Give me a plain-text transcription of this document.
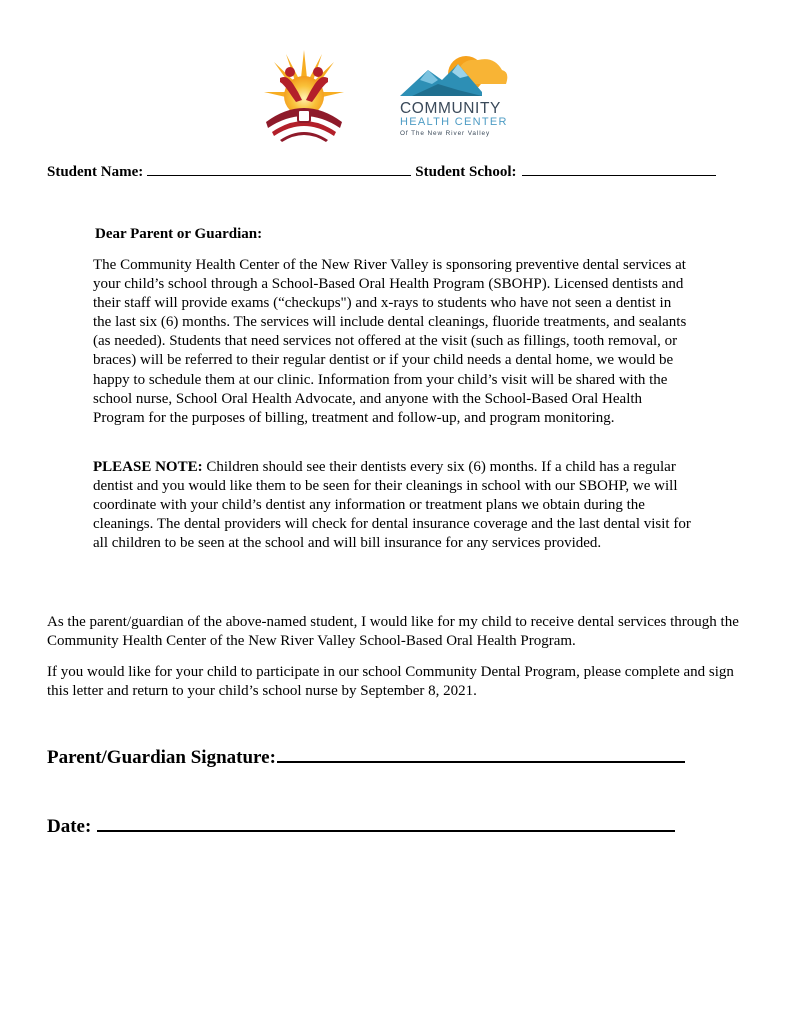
COMMUNITY
HEALTH CENTER
Of The New River Valley
Student Name:	Student School:
Dear Parent or Guardian:

The Community Health Center of the New River Valley is sponsoring preventive dental services at your child’s school through a School-Based Oral Health Program (SBOHP). Licensed dentists and their staff will provide exams (“checkups") and x-rays to students who have not seen a dentist in the last six (6) months. The services will include dental cleanings, fluoride treatments, and sealants (as needed). Students that need services not offered at the visit (such as fillings, tooth removal, or braces) will be referred to their regular dentist or if your child needs a dental home, we would be happy to schedule them at our clinic. Information from your child’s visit will be shared with the school nurse, School Oral Health Advocate, and anyone with the School-Based Oral Health Program for the purposes of billing, treatment and follow-up, and program monitoring.

PLEASE NOTE: Children should see their dentists every six (6) months. If a child has a regular dentist and you would like them to be seen for their cleanings in school with our SBOHP, we will coordinate with your child’s dentist any information or treatment plans we obtain during the cleanings. The dental providers will check for dental insurance coverage and the last dental visit for all children to be seen at the school and will bill insurance for any services provided.

As the parent/guardian of the above-named student, I would like for my child to receive dental services through the Community Health Center of the New River Valley School-Based Oral Health Program.

If you would like for your child to participate in our school Community Dental Program, please complete and sign this letter and return to your child’s school nurse by September 8, 2021.

Parent/Guardian Signature:
Date:
